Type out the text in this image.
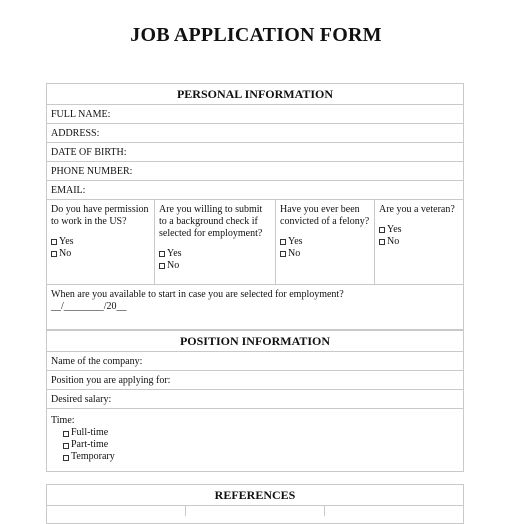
JOB APPLICATION FORM
PERSONAL INFORMATION
FULL NAME:
ADDRESS:
DATE OF BIRTH:
PHONE NUMBER:
EMAIL:
Do you have permission to work in the US?
Yes
No
Are you willing to submit to a background check if selected for employment?
Yes
No
Have you ever been convicted of a felony?
Yes
No
Are you a veteran?
Yes
No
When are you available to start in case you are selected for employment?
__/________/20__
POSITION INFORMATION
Name of the company:
Position you are applying for:
Desired salary:
Time:
Full-time
Part-time
Temporary
REFERENCES
